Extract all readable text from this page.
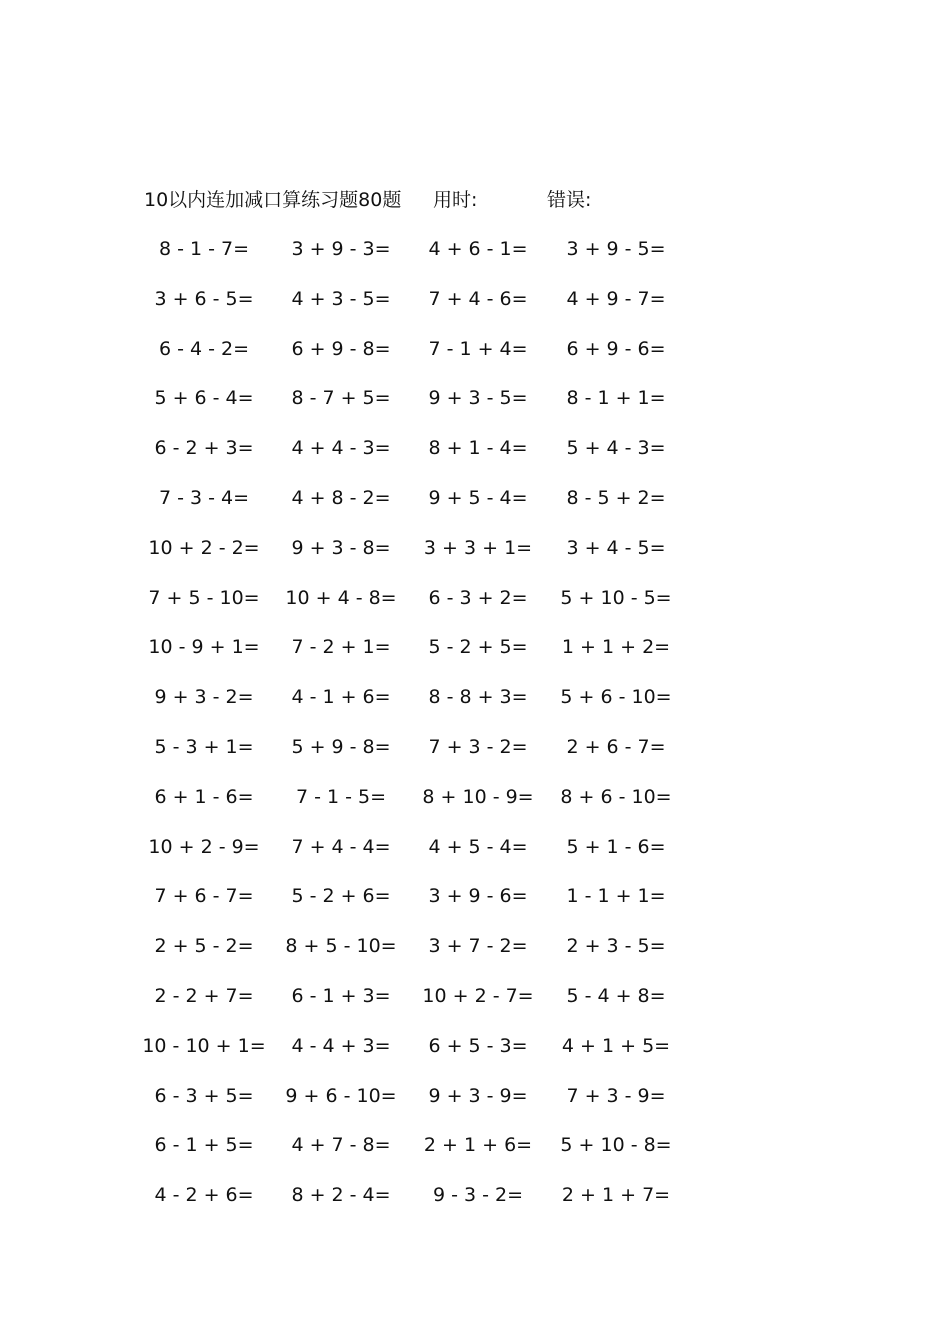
10以内连加减口算练习题80题 用时:	错误:
8 - 1 - 7=	3 + 9 - 3=	4 + 6 - 1=	3 + 9 - 5=
3 + 6 - 5=	4 + 3 - 5=	7 + 4 - 6=	4 + 9 - 7=
6 - 4 - 2=	6 + 9 - 8=	7 - 1 + 4=	6 + 9 - 6=
5 + 6 - 4=	8 - 7 + 5=	9 + 3 - 5=	8 - 1 + 1=
6 - 2 + 3=	4 + 4 - 3=	8 + 1 - 4=	5 + 4 - 3=
7 - 3 - 4=	4 + 8 - 2=	9 + 5 - 4=	8 - 5 + 2=
10 + 2 - 2=	9 + 3 - 8=	3 + 3 + 1=	3 + 4 - 5=
7 + 5 - 10=	10 + 4 - 8=	6 - 3 + 2=	5 + 10 - 5=
10 - 9 + 1=	7 - 2 + 1=	5 - 2 + 5=	1 + 1 + 2=
9 + 3 - 2=	4 - 1 + 6=	8 - 8 + 3=	5 + 6 - 10=
5 - 3 + 1=	5 + 9 - 8=	7 + 3 - 2=	2 + 6 - 7=
6 + 1 - 6=	7 - 1 - 5=	8 + 10 - 9=	8 + 6 - 10=
10 + 2 - 9=	7 + 4 - 4=	4 + 5 - 4=	5 + 1 - 6=
7 + 6 - 7=	5 - 2 + 6=	3 + 9 - 6=	1 - 1 + 1=
2 + 5 - 2=	8 + 5 - 10=	3 + 7 - 2=	2 + 3 - 5=
2 - 2 + 7=	6 - 1 + 3=	10 + 2 - 7=	5 - 4 + 8=
10 - 10 + 1=	4 - 4 + 3=	6 + 5 - 3=	4 + 1 + 5=
6 - 3 + 5=	9 + 6 - 10=	9 + 3 - 9=	7 + 3 - 9=
6 - 1 + 5=	4 + 7 - 8=	2 + 1 + 6=	5 + 10 - 8=
4 - 2 + 6=	8 + 2 - 4=	9 - 3 - 2=	2 + 1 + 7=
